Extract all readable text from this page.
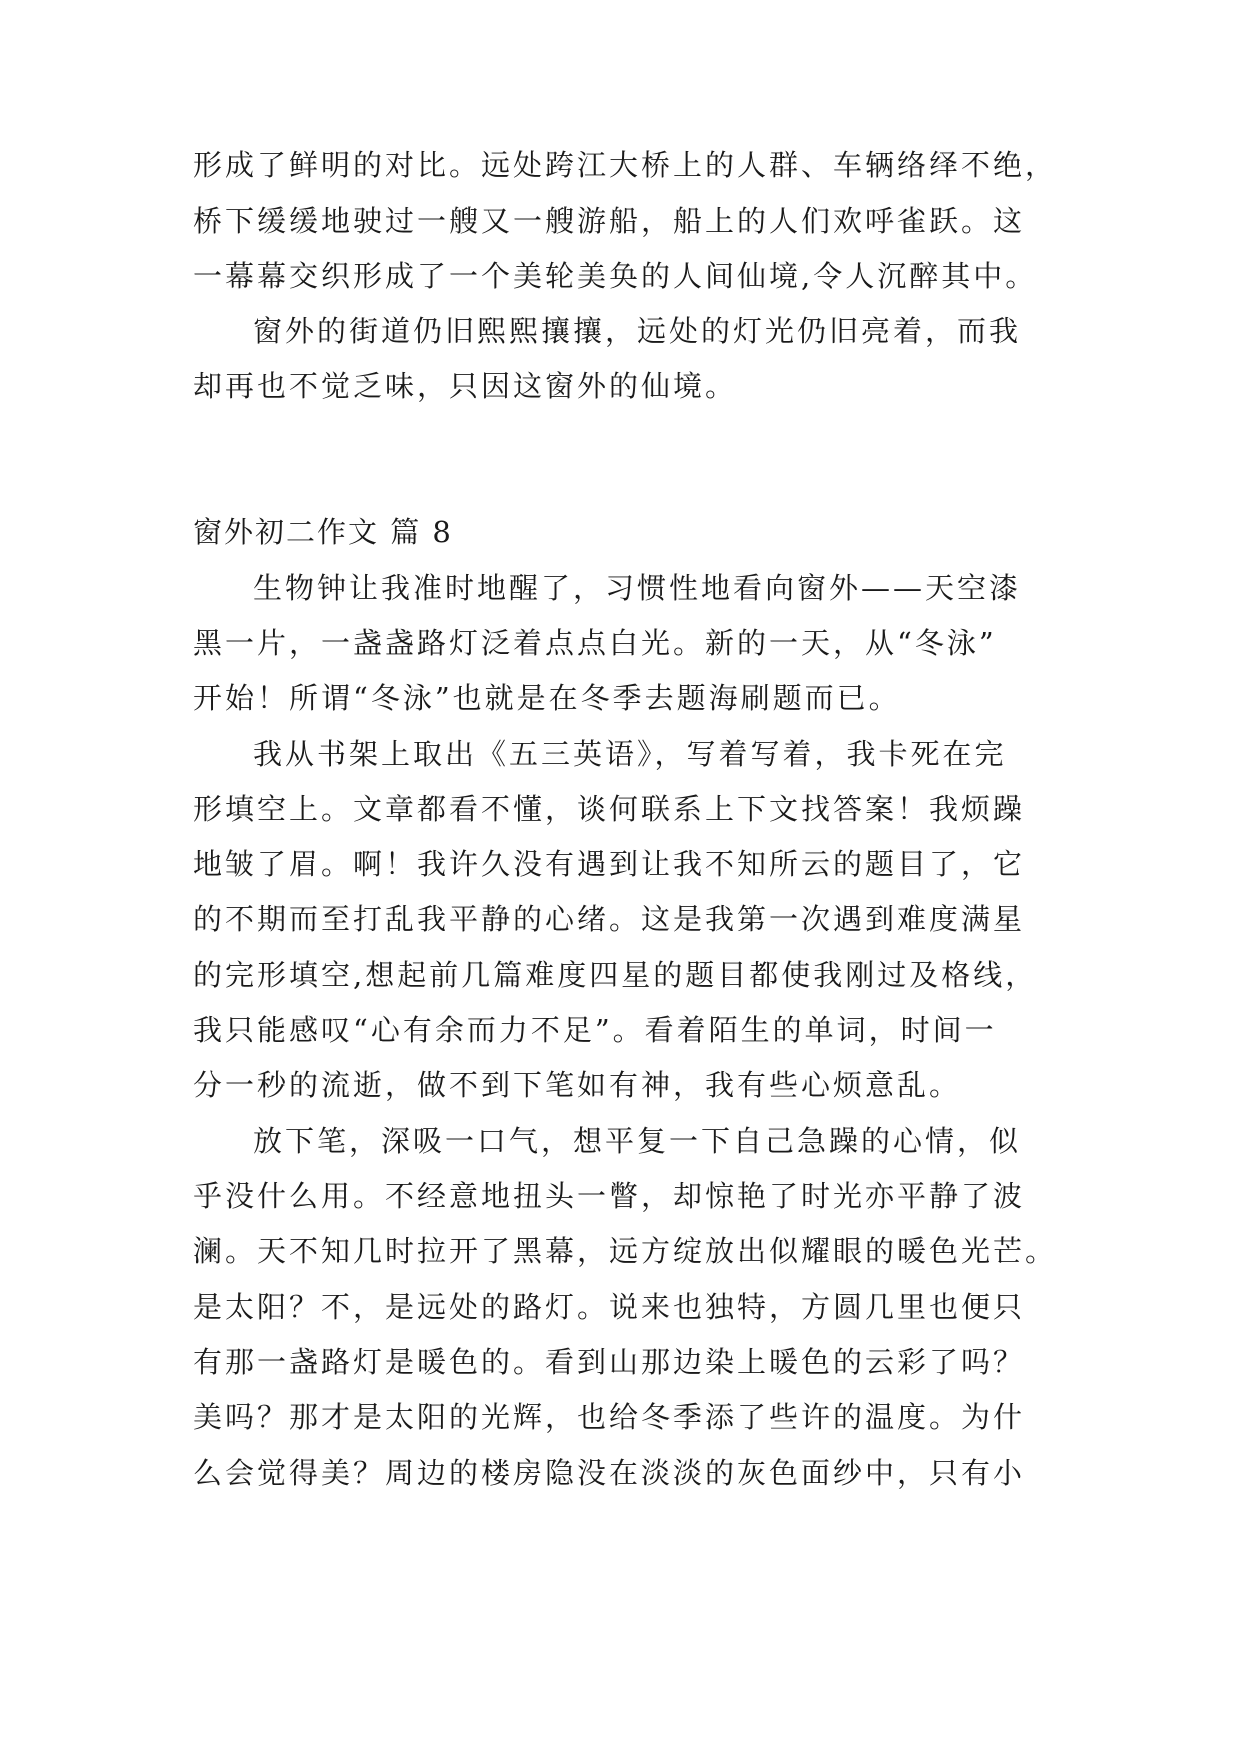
形成了鲜明的对比。远处跨江大桥上的人群、车辆络绎不绝，
桥下缓缓地驶过一艘又一艘游船，船上的人们欢呼雀跃。这
一幕幕交织形成了一个美轮美奂的人间仙境,令人沉醉其中。
窗外的街道仍旧熙熙攘攘，远处的灯光仍旧亮着，而我
却再也不觉乏味，只因这窗外的仙境。
窗外初二作文 篇 8
生物钟让我准时地醒了，习惯性地看向窗外——天空漆
黑一片，一盏盏路灯泛着点点白光。新的一天，从“冬泳”
开始！所谓“冬泳”也就是在冬季去题海刷题而已。
我从书架上取出《五三英语》，写着写着，我卡死在完
形填空上。文章都看不懂，谈何联系上下文找答案！我烦躁
地皱了眉。啊！我许久没有遇到让我不知所云的题目了，它
的不期而至打乱我平静的心绪。这是我第一次遇到难度满星
的完形填空,想起前几篇难度四星的题目都使我刚过及格线，
我只能感叹“心有余而力不足”。看着陌生的单词，时间一
分一秒的流逝，做不到下笔如有神，我有些心烦意乱。
放下笔，深吸一口气，想平复一下自己急躁的心情，似
乎没什么用。不经意地扭头一瞥，却惊艳了时光亦平静了波
澜。天不知几时拉开了黑幕，远方绽放出似耀眼的暖色光芒。
是太阳？不，是远处的路灯。说来也独特，方圆几里也便只
有那一盏路灯是暖色的。看到山那边染上暖色的云彩了吗？
美吗？那才是太阳的光辉，也给冬季添了些许的温度。为什
么会觉得美？周边的楼房隐没在淡淡的灰色面纱中，只有小
